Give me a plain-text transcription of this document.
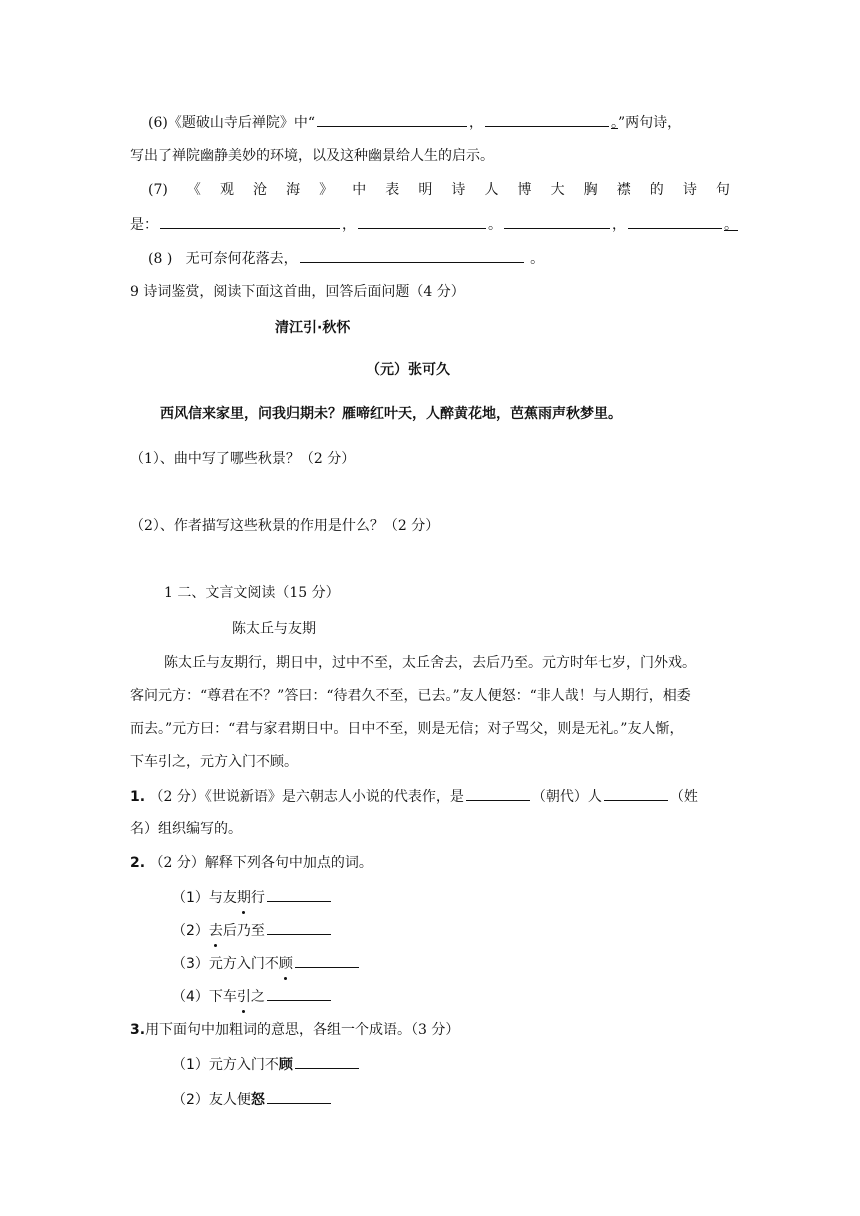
(6)《题破山寺后禅院》中“	，	。”两句诗，
写出了禅院幽静美妙的环境，以及这种幽景给人生的启示。
(7) 《 观 沧 海 》 中 表 明 诗 人 博 大 胸 襟 的 诗 句
是：	，	。	，	。
(8 ) 无可奈何花落去，	。
9 诗词鉴赏，阅读下面这首曲，回答后面问题（4 分）
清江引·秋怀
（元）张可久
西风信来家里，问我归期未？雁啼红叶天，人醉黄花地，芭蕉雨声秋梦里。
（1）、曲中写了哪些秋景？（2 分）
（2）、作者描写这些秋景的作用是什么？（2 分）
1 二、文言文阅读（15 分）
陈太丘与友期
陈太丘与友期行，期日中，过中不至，太丘舍去，去后乃至。元方时年七岁，门外戏。
客问元方：“尊君在不？”答曰：“待君久不至，已去。”友人便怒：“非人哉！与人期行，相委
而去。”元方曰：“君与家君期日中。日中不至，则是无信；对子骂父，则是无礼。”友人惭，
下车引之，元方入门不顾。
1. （2 分）《世说新语》是六朝志人小说的代表作，是	（朝代）人	（姓
名）组织编写的。
2. （2 分）解释下列各句中加点的词。
（1）与友期行
（2）去后乃至
（3）元方入门不顾
（4）下车引之
3.用下面句中加粗词的意思，各组一个成语。（3 分）
（1）元方入门不顾
（2）友人便怒
